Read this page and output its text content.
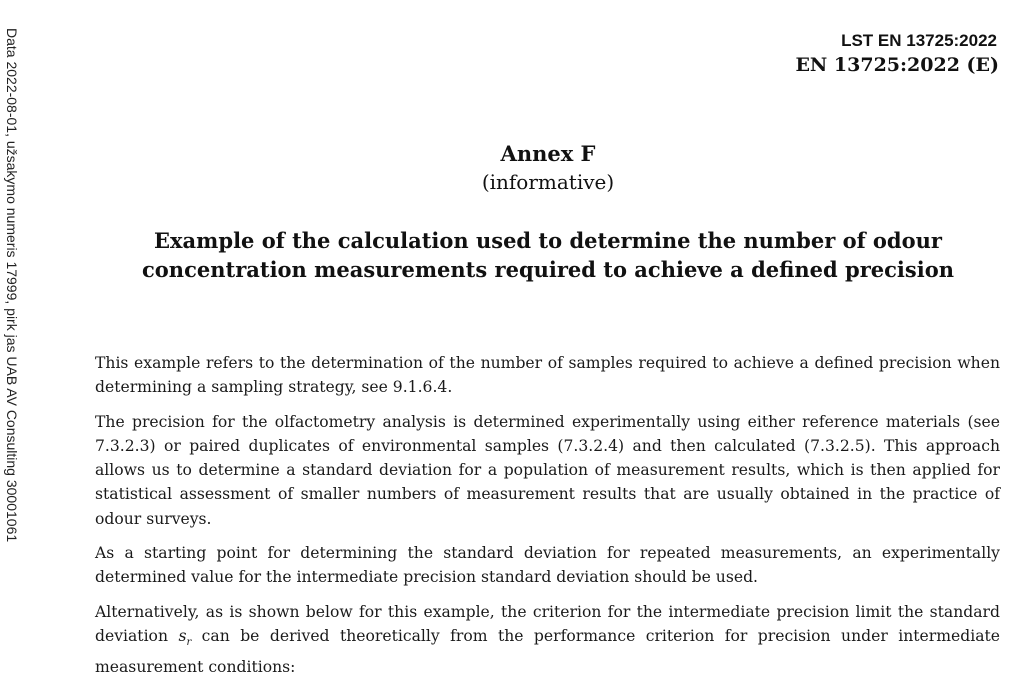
Data 2022-08-01, užsakymo numeris 17999, pirk jas UAB AV Consulting 30001061	LST EN 13725:2022
EN 13725:2022 (E)
Annex F
(informative)
Example of the calculation used to determine the number of odour concentration measurements required to achieve a defined precision

This example refers to the determination of the number of samples required to achieve a defined precision when determining a sampling strategy, see 9.1.6.4.

The precision for the olfactometry analysis is determined experimentally using either reference materials (see 7.3.2.3) or paired duplicates of environmental samples (7.3.2.4) and then calculated (7.3.2.5). This approach allows us to determine a standard deviation for a population of measurement results, which is then applied for statistical assessment of smaller numbers of measurement results that are usually obtained in the practice of odour surveys.

As a starting point for determining the standard deviation for repeated measurements, an experimentally determined value for the intermediate precision standard deviation should be used.

Alternatively, as is shown below for this example, the criterion for the intermediate precision limit the standard deviation $s_r$ can be derived theoretically from the performance criterion for precision under intermediate measurement conditions:
